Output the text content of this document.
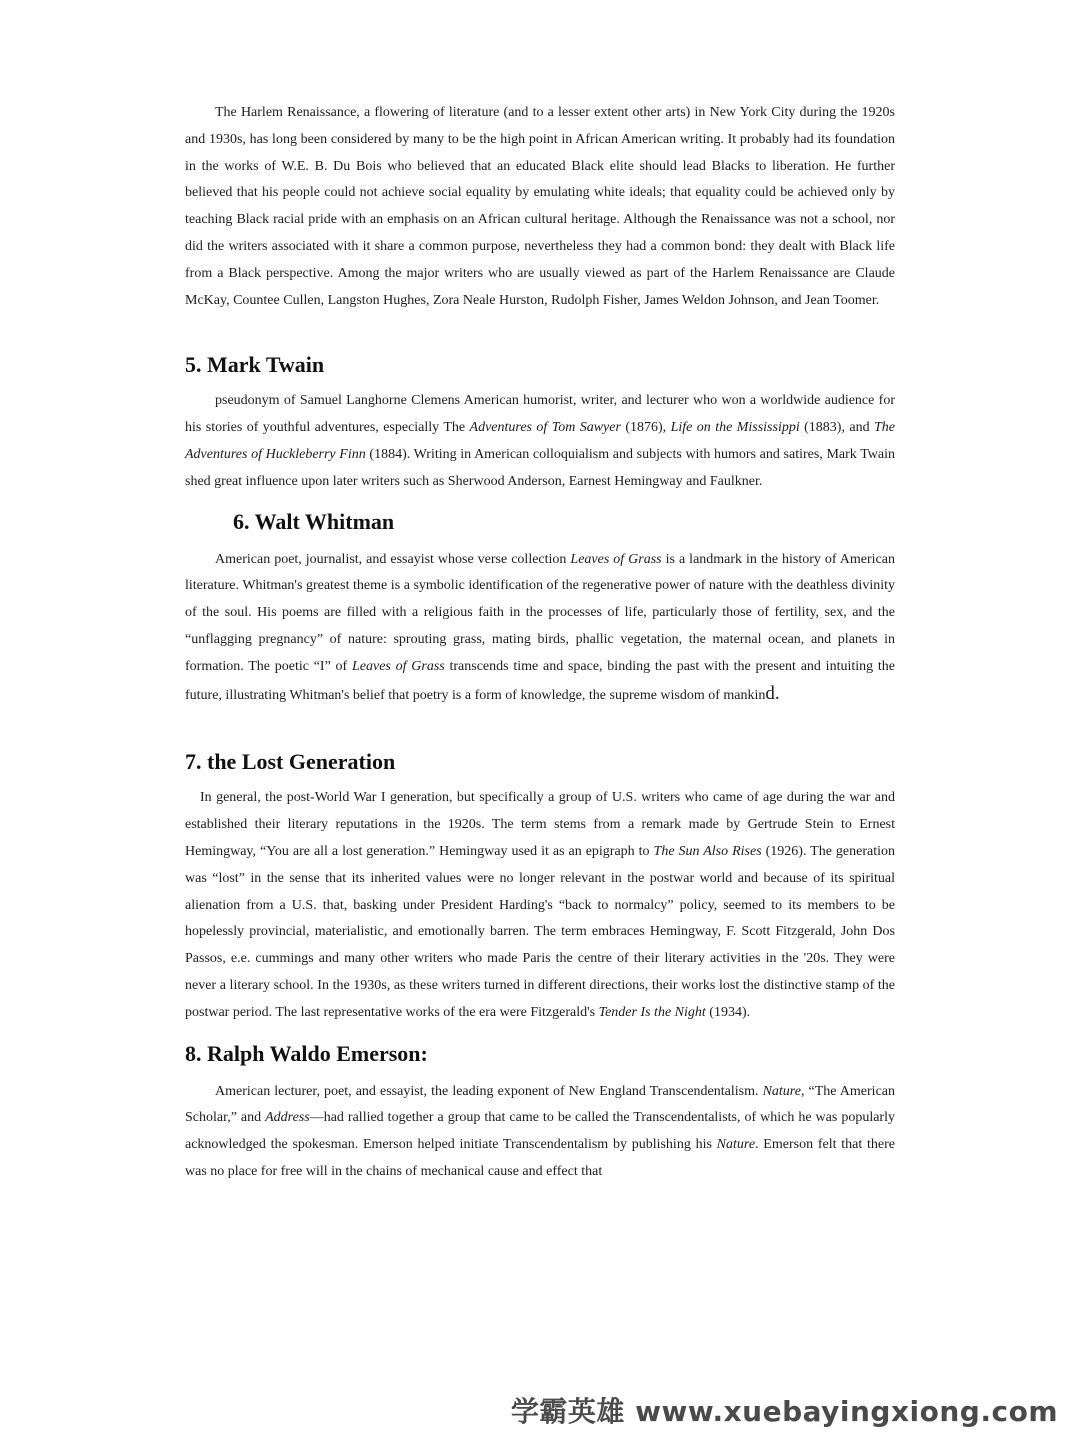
The Harlem Renaissance, a flowering of literature (and to a lesser extent other arts) in New York City during the 1920s and 1930s, has long been considered by many to be the high point in African American writing. It probably had its foundation in the works of W.E. B. Du Bois who believed that an educated Black elite should lead Blacks to liberation. He further believed that his people could not achieve social equality by emulating white ideals; that equality could be achieved only by teaching Black racial pride with an emphasis on an African cultural heritage. Although the Renaissance was not a school, nor did the writers associated with it share a common purpose, nevertheless they had a common bond: they dealt with Black life from a Black perspective. Among the major writers who are usually viewed as part of the Harlem Renaissance are Claude McKay, Countee Cullen, Langston Hughes, Zora Neale Hurston, Rudolph Fisher, James Weldon Johnson, and Jean Toomer.

5. Mark Twain

pseudonym of Samuel Langhorne Clemens American humorist, writer, and lecturer who won a worldwide audience for his stories of youthful adventures, especially The Adventures of Tom Sawyer (1876), Life on the Mississippi (1883), and The Adventures of Huckleberry Finn (1884). Writing in American colloquialism and subjects with humors and satires, Mark Twain shed great influence upon later writers such as Sherwood Anderson, Earnest Hemingway and Faulkner.

6. Walt Whitman

American poet, journalist, and essayist whose verse collection Leaves of Grass is a landmark in the history of American literature. Whitman's greatest theme is a symbolic identification of the regenerative power of nature with the deathless divinity of the soul. His poems are filled with a religious faith in the processes of life, particularly those of fertility, sex, and the “unflagging pregnancy” of nature: sprouting grass, mating birds, phallic vegetation, the maternal ocean, and planets in formation. The poetic “I” of Leaves of Grass transcends time and space, binding the past with the present and intuiting the future, illustrating Whitman's belief that poetry is a form of knowledge, the supreme wisdom of mankind.

7. the Lost Generation

In general, the post-World War I generation, but specifically a group of U.S. writers who came of age during the war and established their literary reputations in the 1920s. The term stems from a remark made by Gertrude Stein to Ernest Hemingway, “You are all a lost generation.” Hemingway used it as an epigraph to The Sun Also Rises (1926). The generation was “lost” in the sense that its inherited values were no longer relevant in the postwar world and because of its spiritual alienation from a U.S. that, basking under President Harding's “back to normalcy” policy, seemed to its members to be hopelessly provincial, materialistic, and emotionally barren. The term embraces Hemingway, F. Scott Fitzgerald, John Dos Passos, e.e. cummings and many other writers who made Paris the centre of their literary activities in the '20s. They were never a literary school. In the 1930s, as these writers turned in different directions, their works lost the distinctive stamp of the postwar period. The last representative works of the era were Fitzgerald's Tender Is the Night (1934).

8. Ralph Waldo Emerson:

American lecturer, poet, and essayist, the leading exponent of New England Transcendentalism. Nature, “The American Scholar,” and Address—had rallied together a group that came to be called the Transcendentalists, of which he was popularly acknowledged the spokesman. Emerson helped initiate Transcendentalism by publishing his Nature. Emerson felt that there was no place for free will in the chains of mechanical cause and effect that

学霸英雄 www.xuebayingxiong.com
